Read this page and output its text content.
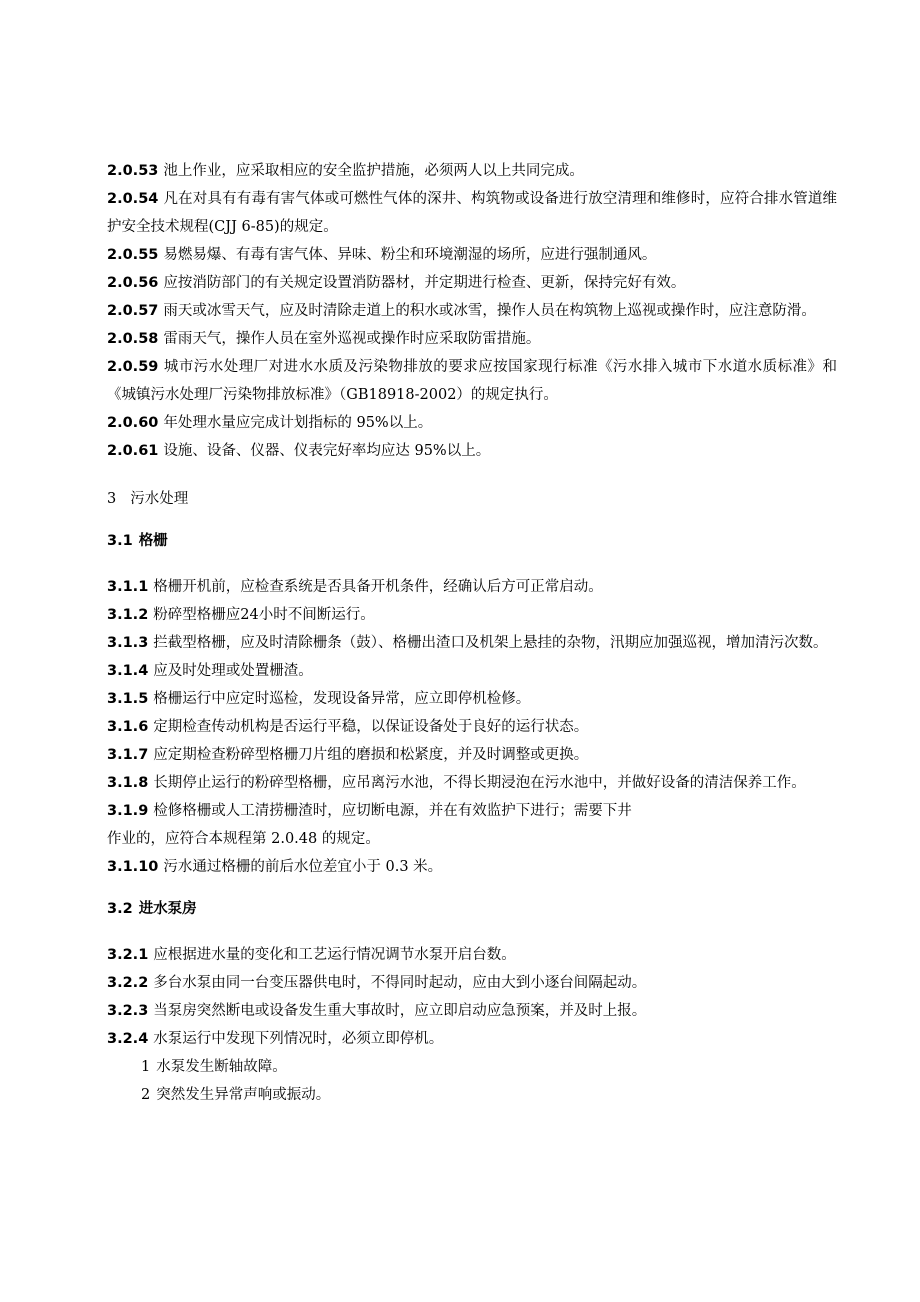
2.0.53 池上作业，应采取相应的安全监护措施，必须两人以上共同完成。

2.0.54 凡在对具有有毒有害气体或可燃性气体的深井、构筑物或设备进行放空清理和维修时，应符合排水管道维护安全技术规程(CJJ 6-85)的规定。

2.0.55 易燃易爆、有毒有害气体、异味、粉尘和环境潮湿的场所，应进行强制通风。

2.0.56 应按消防部门的有关规定设置消防器材，并定期进行检查、更新，保持完好有效。

2.0.57 雨天或冰雪天气，应及时清除走道上的积水或冰雪，操作人员在构筑物上巡视或操作时，应注意防滑。

2.0.58 雷雨天气，操作人员在室外巡视或操作时应采取防雷措施。

2.0.59 城市污水处理厂对进水水质及污染物排放的要求应按国家现行标准《污水排入城市下水道水质标准》和《城镇污水处理厂污染物排放标准》（GB18918-2002）的规定执行。

2.0.60 年处理水量应完成计划指标的 95%以上。

2.0.61 设施、设备、仪器、仪表完好率均应达 95%以上。

3 污水处理
3.1 格栅

3.1.1 格栅开机前，应检查系统是否具备开机条件，经确认后方可正常启动。

3.1.2 粉碎型格栅应24小时不间断运行。

3.1.3 拦截型格栅，应及时清除栅条（鼓）、格栅出渣口及机架上悬挂的杂物，汛期应加强巡视，增加清污次数。

3.1.4 应及时处理或处置栅渣。

3.1.5 格栅运行中应定时巡检，发现设备异常，应立即停机检修。

3.1.6 定期检查传动机构是否运行平稳，以保证设备处于良好的运行状态。

3.1.7 应定期检查粉碎型格栅刀片组的磨损和松紧度，并及时调整或更换。

3.1.8 长期停止运行的粉碎型格栅，应吊离污水池，不得长期浸泡在污水池中，并做好设备的清洁保养工作。

3.1.9 检修格栅或人工清捞栅渣时，应切断电源，并在有效监护下进行；需要下井

作业的，应符合本规程第 2.0.48 的规定。

3.1.10 污水通过格栅的前后水位差宜小于 0.3 米。

3.2 进水泵房

3.2.1 应根据进水量的变化和工艺运行情况调节水泵开启台数。

3.2.2 多台水泵由同一台变压器供电时，不得同时起动，应由大到小逐台间隔起动。

3.2.3 当泵房突然断电或设备发生重大事故时，应立即启动应急预案，并及时上报。

3.2.4 水泵运行中发现下列情况时，必须立即停机。

1 水泵发生断轴故障。

2 突然发生异常声响或振动。
